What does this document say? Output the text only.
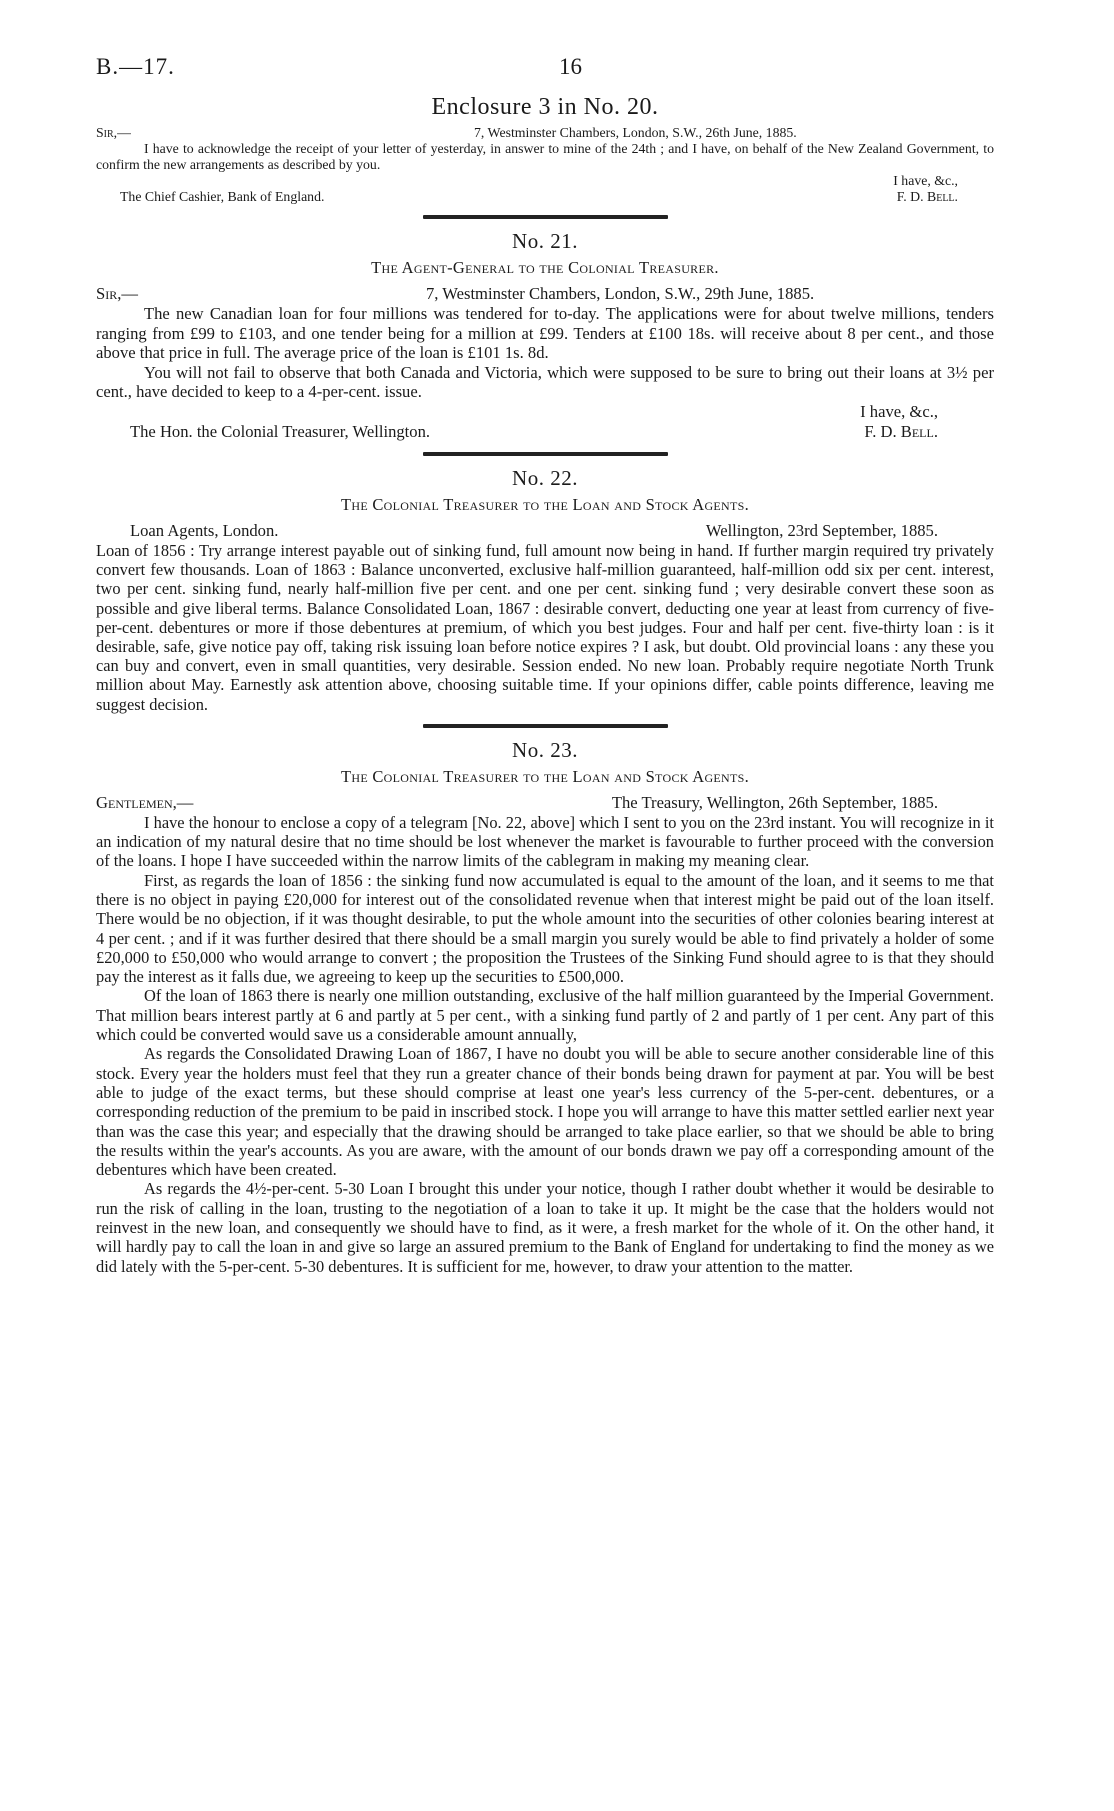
B.—17.	16
Enclosure 3 in No. 20.
Sir,—	7, Westminster Chambers, London, S.W., 26th June, 1885.

I have to acknowledge the receipt of your letter of yesterday, in answer to mine of the 24th ; and I have, on behalf of the New Zealand Government, to confirm the new arrangements as described by you.

I have, &c.,
The Chief Cashier, Bank of England.	F. D. Bell.
No. 21.
The Agent-General to the Colonial Treasurer.
Sir,—	7, Westminster Chambers, London, S.W., 29th June, 1885.

The new Canadian loan for four millions was tendered for to-day. The applications were for about twelve millions, tenders ranging from £99 to £103, and one tender being for a million at £99. Tenders at £100 18s. will receive about 8 per cent., and those above that price in full. The average price of the loan is £101 1s. 8d.

You will not fail to observe that both Canada and Victoria, which were supposed to be sure to bring out their loans at 3½ per cent., have decided to keep to a 4-per-cent. issue.

I have, &c.,
The Hon. the Colonial Treasurer, Wellington.	F. D. Bell.
No. 22.
The Colonial Treasurer to the Loan and Stock Agents.
Loan Agents, London.	Wellington, 23rd September, 1885.

Loan of 1856 : Try arrange interest payable out of sinking fund, full amount now being in hand. If further margin required try privately convert few thousands. Loan of 1863 : Balance unconverted, exclusive half-million guaranteed, half-million odd six per cent. interest, two per cent. sinking fund, nearly half-million five per cent. and one per cent. sinking fund ; very desirable convert these soon as possible and give liberal terms. Balance Consolidated Loan, 1867 : desirable convert, deducting one year at least from currency of five-per-cent. debentures or more if those debentures at premium, of which you best judges. Four and half per cent. five-thirty loan : is it desirable, safe, give notice pay off, taking risk issuing loan before notice expires ? I ask, but doubt. Old provincial loans : any these you can buy and convert, even in small quantities, very desirable. Session ended. No new loan. Probably require negotiate North Trunk million about May. Earnestly ask attention above, choosing suitable time. If your opinions differ, cable points difference, leaving me suggest decision.

No. 23.
The Colonial Treasurer to the Loan and Stock Agents.
Gentlemen,—	The Treasury, Wellington, 26th September, 1885.

I have the honour to enclose a copy of a telegram [No. 22, above] which I sent to you on the 23rd instant. You will recognize in it an indication of my natural desire that no time should be lost whenever the market is favourable to further proceed with the conversion of the loans. I hope I have succeeded within the narrow limits of the cablegram in making my meaning clear.

First, as regards the loan of 1856 : the sinking fund now accumulated is equal to the amount of the loan, and it seems to me that there is no object in paying £20,000 for interest out of the consolidated revenue when that interest might be paid out of the loan itself. There would be no objection, if it was thought desirable, to put the whole amount into the securities of other colonies bearing interest at 4 per cent. ; and if it was further desired that there should be a small margin you surely would be able to find privately a holder of some £20,000 to £50,000 who would arrange to convert ; the proposition the Trustees of the Sinking Fund should agree to is that they should pay the interest as it falls due, we agreeing to keep up the securities to £500,000.

Of the loan of 1863 there is nearly one million outstanding, exclusive of the half million guaranteed by the Imperial Government. That million bears interest partly at 6 and partly at 5 per cent., with a sinking fund partly of 2 and partly of 1 per cent. Any part of this which could be converted would save us a considerable amount annually,

As regards the Consolidated Drawing Loan of 1867, I have no doubt you will be able to secure another considerable line of this stock. Every year the holders must feel that they run a greater chance of their bonds being drawn for payment at par. You will be best able to judge of the exact terms, but these should comprise at least one year's less currency of the 5-per-cent. debentures, or a corresponding reduction of the premium to be paid in inscribed stock. I hope you will arrange to have this matter settled earlier next year than was the case this year; and especially that the drawing should be arranged to take place earlier, so that we should be able to bring the results within the year's accounts. As you are aware, with the amount of our bonds drawn we pay off a corresponding amount of the debentures which have been created.

As regards the 4½-per-cent. 5-30 Loan I brought this under your notice, though I rather doubt whether it would be desirable to run the risk of calling in the loan, trusting to the negotiation of a loan to take it up. It might be the case that the holders would not reinvest in the new loan, and consequently we should have to find, as it were, a fresh market for the whole of it. On the other hand, it will hardly pay to call the loan in and give so large an assured premium to the Bank of England for undertaking to find the money as we did lately with the 5-per-cent. 5-30 debentures. It is sufficient for me, however, to draw your attention to the matter.
